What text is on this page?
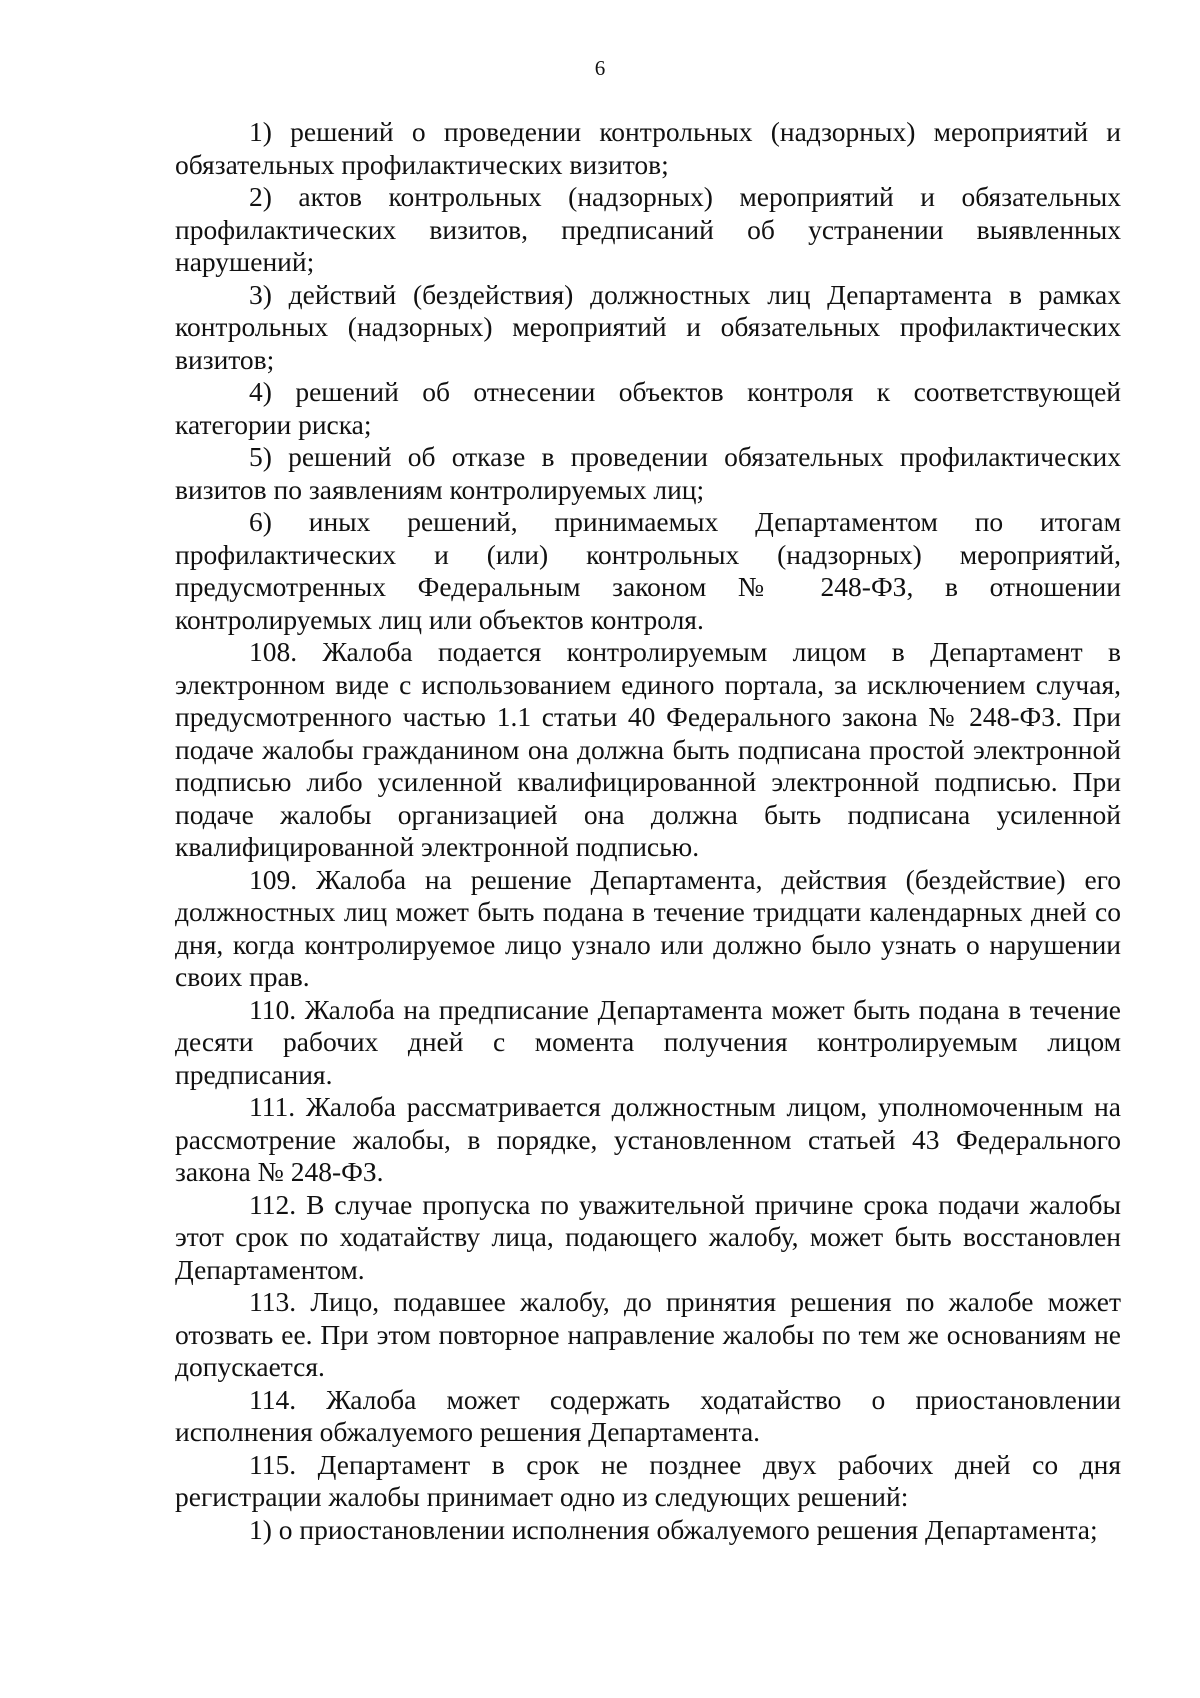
6

1) решений о проведении контрольных (надзорных) мероприятий и обязательных профилактических визитов;

2) актов контрольных (надзорных) мероприятий и обязательных профилактических визитов, предписаний об устранении выявленных нарушений;

3) действий (бездействия) должностных лиц Департамента в рамках контрольных (надзорных) мероприятий и обязательных профилактических визитов;

4) решений об отнесении объектов контроля к соответствующей категории риска;

5) решений об отказе в проведении обязательных профилактических визитов по заявлениям контролируемых лиц;

6) иных решений, принимаемых Департаментом по итогам профилактических и (или) контрольных (надзорных) мероприятий, предусмотренных Федеральным законом № 248-ФЗ, в отношении контролируемых лиц или объектов контроля.

108. Жалоба подается контролируемым лицом в Департамент в электронном виде с использованием единого портала, за исключением случая, предусмотренного частью 1.1 статьи 40 Федерального закона № 248-ФЗ. При подаче жалобы гражданином она должна быть подписана простой электронной подписью либо усиленной квалифицированной электронной подписью. При подаче жалобы организацией она должна быть подписана усиленной квалифицированной электронной подписью.

109. Жалоба на решение Департамента, действия (бездействие) его должностных лиц может быть подана в течение тридцати календарных дней со дня, когда контролируемое лицо узнало или должно было узнать о нарушении своих прав.

110. Жалоба на предписание Департамента может быть подана в течение десяти рабочих дней с момента получения контролируемым лицом предписания.

111. Жалоба рассматривается должностным лицом, уполномоченным на рассмотрение жалобы, в порядке, установленном статьей 43 Федерального закона № 248-ФЗ.

112. В случае пропуска по уважительной причине срока подачи жалобы этот срок по ходатайству лица, подающего жалобу, может быть восстановлен Департаментом.

113. Лицо, подавшее жалобу, до принятия решения по жалобе может отозвать ее. При этом повторное направление жалобы по тем же основаниям не допускается.

114. Жалоба может содержать ходатайство о приостановлении исполнения обжалуемого решения Департамента.

115. Департамент в срок не позднее двух рабочих дней со дня регистрации жалобы принимает одно из следующих решений:

1) о приостановлении исполнения обжалуемого решения Департамента;
